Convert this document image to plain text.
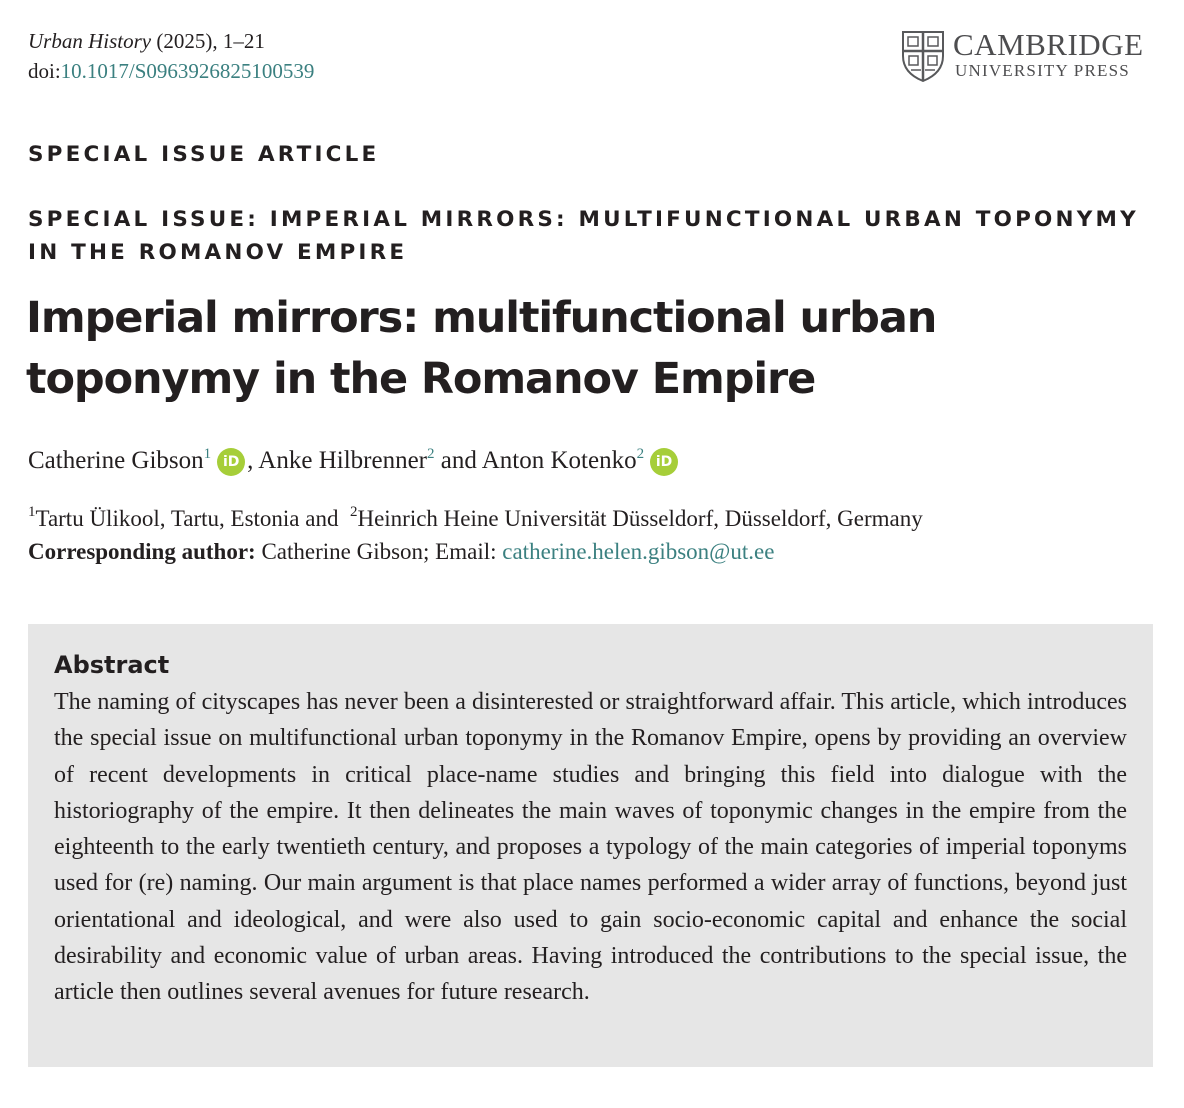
Urban History (2025), 1–21
doi:10.1017/S0963926825100539
CAMBRIDGE
UNIVERSITY PRESS
SPECIAL ISSUE ARTICLE
SPECIAL ISSUE: IMPERIAL MIRRORS: MULTIFUNCTIONAL URBAN TOPONYMY IN THE ROMANOV EMPIRE
Imperial mirrors: multifunctional urban toponymy in the Romanov Empire
Catherine Gibson$^1$ iD , Anke Hilbrenner$^2$ and Anton Kotenko$^2$ iD
$^1$Tartu Ülikool, Tartu, Estonia and $^2$Heinrich Heine Universität Düsseldorf, Düsseldorf, Germany
Corresponding author: Catherine Gibson; Email: catherine.helen.gibson@ut.ee
Abstract

The naming of cityscapes has never been a disinterested or straightforward affair. This article, which introduces the special issue on multifunctional urban toponymy in the Romanov Empire, opens by providing an overview of recent developments in critical place-name studies and bringing this field into dialogue with the historiography of the empire. It then delineates the main waves of toponymic changes in the empire from the eighteenth to the early twentieth century, and proposes a typology of the main categories of imperial toponyms used for (re) naming. Our main argument is that place names performed a wider array of functions, beyond just orientational and ideological, and were also used to gain socio-economic capital and enhance the social desirability and economic value of urban areas. Having introduced the contributions to the special issue, the article then outlines several avenues for future research.
